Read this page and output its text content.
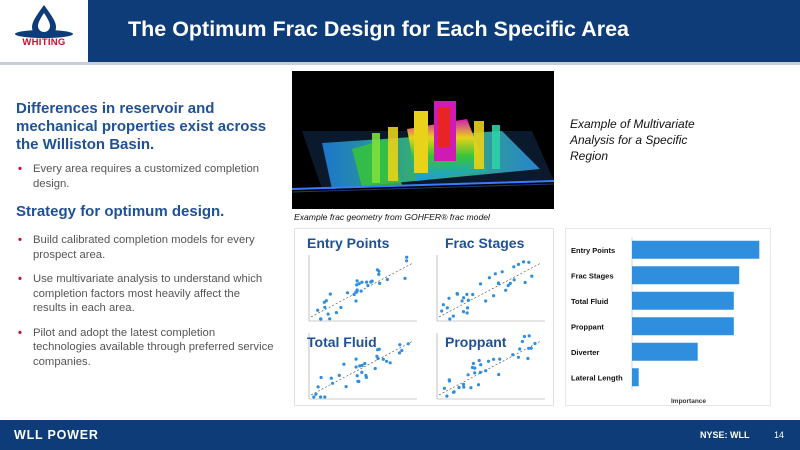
WHITING
The Optimum Frac Design for Each Specific Area
Differences in reservoir and mechanical properties exist across the Williston Basin.
• Every area requires a customized completion design.
Strategy for optimum design.
• Build calibrated completion models for every prospect area.
• Use multivariate analysis to understand which completion factors most heavily affect the results in each area.
• Pilot and adopt the latest completion technologies available through preferred service companies.
Example frac geometry from GOHFER® frac model
Example of Multivariate Analysis for a Specific Region
Entry Points	Frac Stages
Total Fluid	Proppant
Entry Points
Frac Stages
Total Fluid
Proppant
Diverter
Lateral Length
Importance
WLL POWER	NYSE: WLL	14
